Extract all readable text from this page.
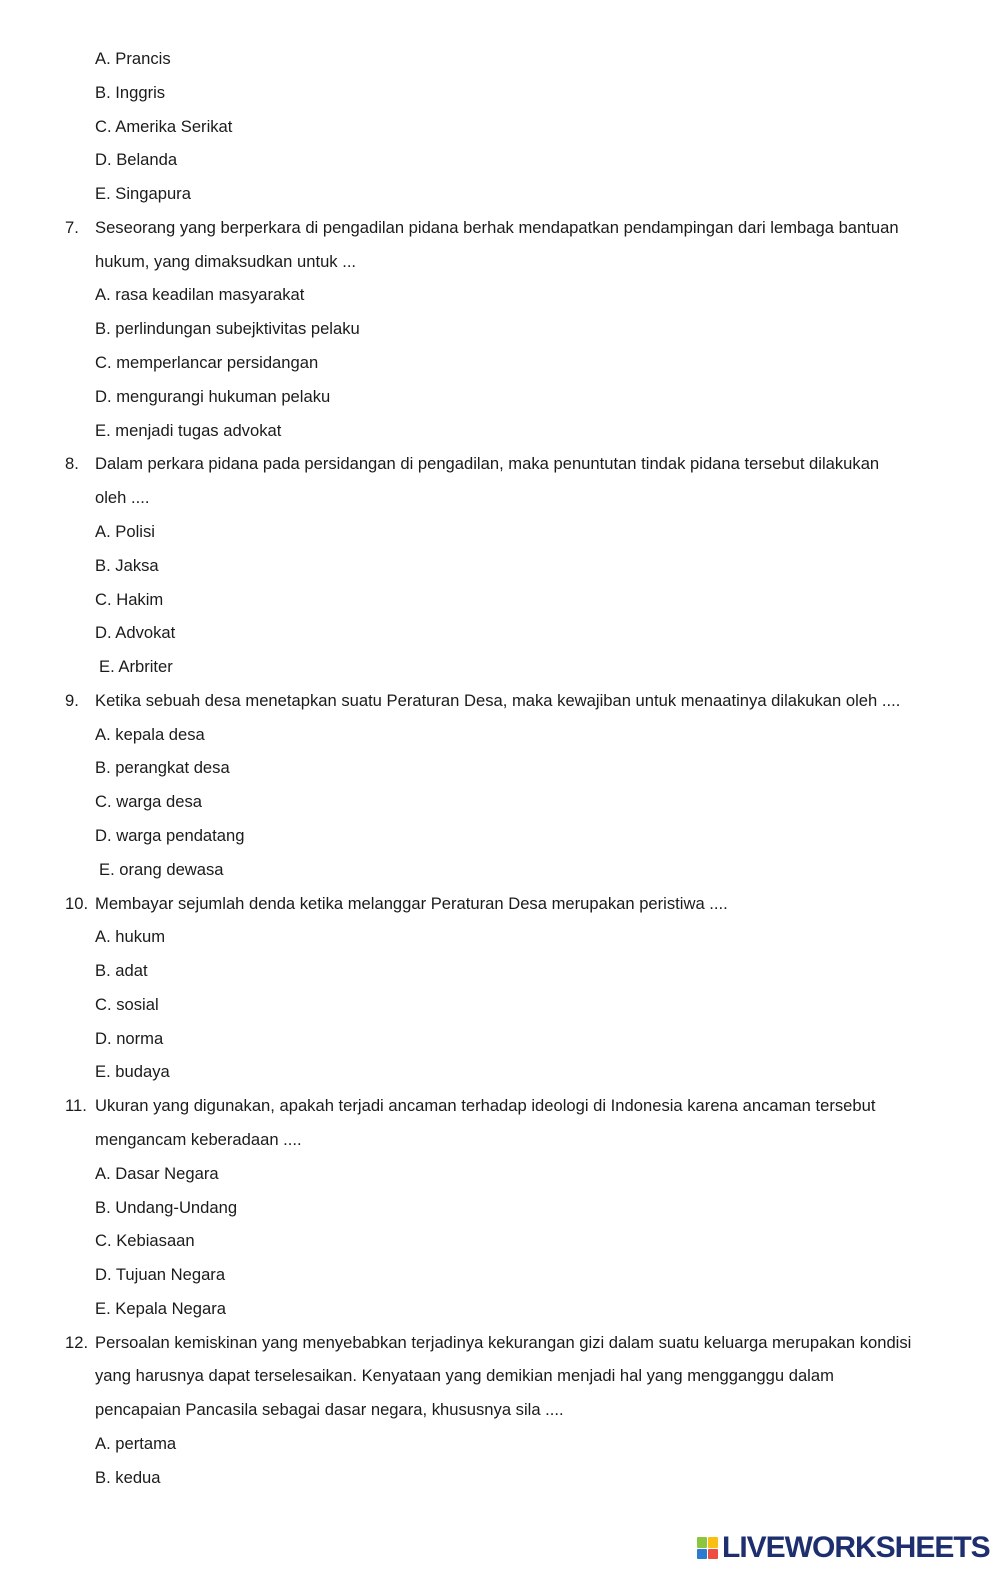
A. Prancis
B. Inggris
C. Amerika Serikat
D. Belanda
E. Singapura
7. Seseorang yang berperkara di pengadilan pidana berhak mendapatkan pendampingan dari lembaga bantuan
hukum, yang dimaksudkan untuk ...
A. rasa keadilan masyarakat
B. perlindungan subejktivitas pelaku
C. memperlancar persidangan
D. mengurangi hukuman pelaku
E. menjadi tugas advokat
8. Dalam perkara pidana pada persidangan di pengadilan, maka penuntutan tindak pidana tersebut dilakukan
oleh ....
A. Polisi
B. Jaksa
C. Hakim
D. Advokat
E. Arbriter
9. Ketika sebuah desa menetapkan suatu Peraturan Desa, maka kewajiban untuk menaatinya dilakukan oleh ....
A. kepala desa
B. perangkat desa
C. warga desa
D. warga pendatang
E. orang dewasa
10. Membayar sejumlah denda ketika melanggar Peraturan Desa merupakan peristiwa ....
A. hukum
B. adat
C. sosial
D. norma
E. budaya
11. Ukuran yang digunakan, apakah terjadi ancaman terhadap ideologi di Indonesia karena ancaman tersebut
mengancam keberadaan ....
A. Dasar Negara
B. Undang-Undang
C. Kebiasaan
D. Tujuan Negara
E. Kepala Negara
12. Persoalan kemiskinan yang menyebabkan terjadinya kekurangan gizi dalam suatu keluarga merupakan kondisi
yang harusnya dapat terselesaikan. Kenyataan yang demikian menjadi hal yang mengganggu dalam
pencapaian Pancasila sebagai dasar negara, khususnya sila ....
A. pertama
B. kedua
LIVEWORKSHEETS
